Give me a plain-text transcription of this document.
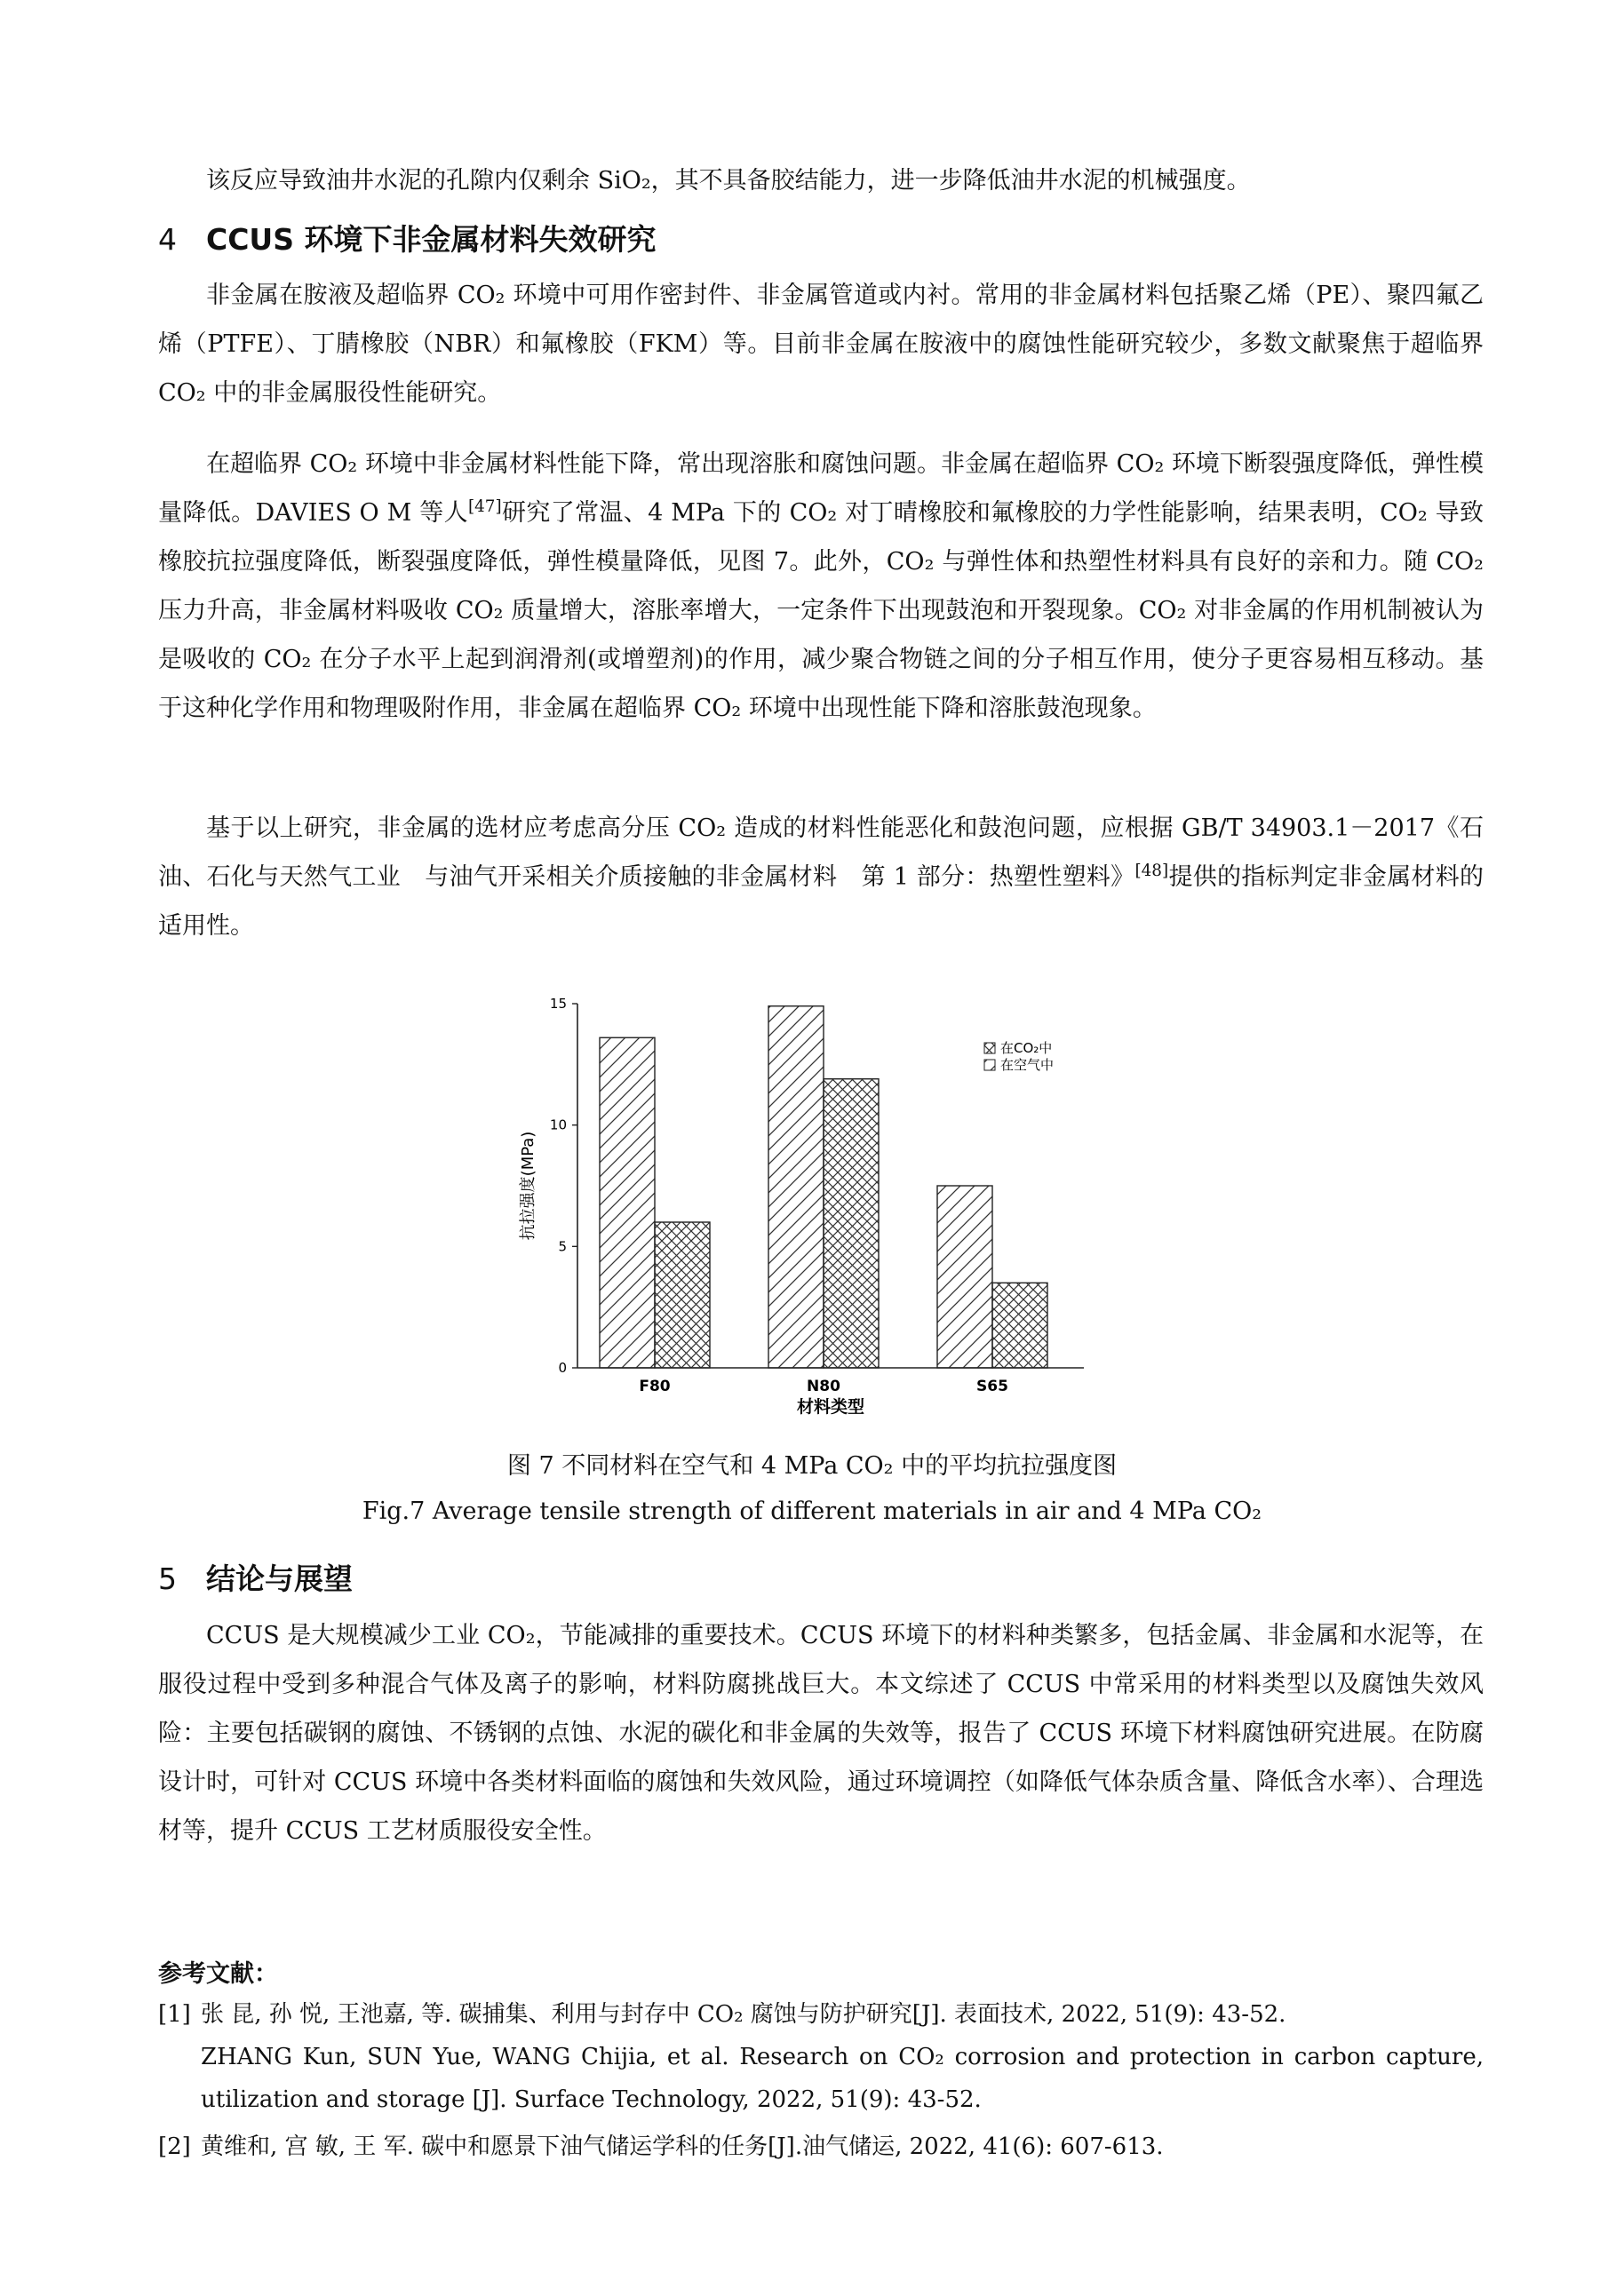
该反应导致油井水泥的孔隙内仅剩余 SiO₂，其不具备胶结能力，进一步降低油井水泥的机械强度。

4 CCUS 环境下非金属材料失效研究

非金属在胺液及超临界 CO₂ 环境中可用作密封件、非金属管道或内衬。常用的非金属材料包括聚乙烯（PE）、聚四氟乙烯（PTFE）、丁腈橡胶（NBR）和氟橡胶（FKM）等。目前非金属在胺液中的腐蚀性能研究较少，多数文献聚焦于超临界 CO₂ 中的非金属服役性能研究。

在超临界 CO₂ 环境中非金属材料性能下降，常出现溶胀和腐蚀问题。非金属在超临界 CO₂ 环境下断裂强度降低，弹性模量降低。DAVIES O M 等人[47]研究了常温、4 MPa 下的 CO₂ 对丁晴橡胶和氟橡胶的力学性能影响，结果表明，CO₂ 导致橡胶抗拉强度降低，断裂强度降低，弹性模量降低，见图 7。此外，CO₂ 与弹性体和热塑性材料具有良好的亲和力。随 CO₂ 压力升高，非金属材料吸收 CO₂ 质量增大，溶胀率增大，一定条件下出现鼓泡和开裂现象。CO₂ 对非金属的作用机制被认为是吸收的 CO₂ 在分子水平上起到润滑剂(或增塑剂)的作用，减少聚合物链之间的分子相互作用，使分子更容易相互移动。基于这种化学作用和物理吸附作用，非金属在超临界 CO₂ 环境中出现性能下降和溶胀鼓泡现象。

基于以上研究，非金属的选材应考虑高分压 CO₂ 造成的材料性能恶化和鼓泡问题，应根据 GB/T 34903.1－2017《石油、石化与天然气工业　与油气开采相关介质接触的非金属材料　第 1 部分：热塑性塑料》[48]提供的指标判定非金属材料的适用性。

0
5
10
15
F80	N80	S65
抗拉强度(MPa)
材料类型
在CO₂中
在空气中

图 7 不同材料在空气和 4 MPa CO₂ 中的平均抗拉强度图

Fig.7 Average tensile strength of different materials in air and 4 MPa CO₂

5 结论与展望

CCUS 是大规模减少工业 CO₂，节能减排的重要技术。CCUS 环境下的材料种类繁多，包括金属、非金属和水泥等，在服役过程中受到多种混合气体及离子的影响，材料防腐挑战巨大。本文综述了 CCUS 中常采用的材料类型以及腐蚀失效风险：主要包括碳钢的腐蚀、不锈钢的点蚀、水泥的碳化和非金属的失效等，报告了 CCUS 环境下材料腐蚀研究进展。在防腐设计时，可针对 CCUS 环境中各类材料面临的腐蚀和失效风险，通过环境调控（如降低气体杂质含量、降低含水率）、合理选材等，提升 CCUS 工艺材质服役安全性。

参考文献：

[1] 张 昆, 孙 悦, 王池嘉, 等. 碳捕集、利用与封存中 CO₂ 腐蚀与防护研究[J]. 表面技术, 2022, 51(9): 43-52.
ZHANG Kun, SUN Yue, WANG Chijia, et al. Research on CO₂ corrosion and protection in carbon capture, utilization and storage [J]. Surface Technology, 2022, 51(9): 43-52.
[2] 黄维和, 宫 敏, 王 军. 碳中和愿景下油气储运学科的任务[J].油气储运, 2022, 41(6): 607-613.
